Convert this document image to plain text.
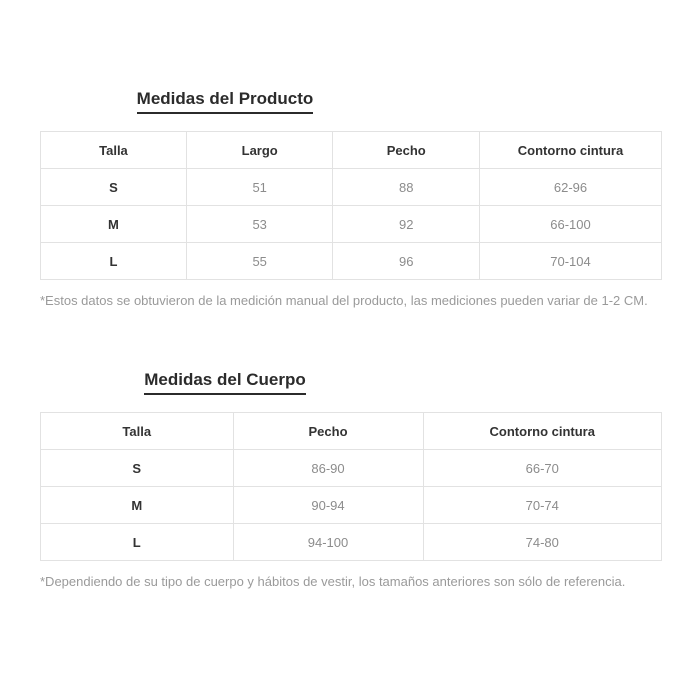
Medidas del Producto
Talla	Largo	Pecho	Contorno cintura
S	51	88	62-96
M	53	92	66-100
L	55	96	70-104

*Estos datos se obtuvieron de la medición manual del producto, las mediciones pueden variar de 1-2 CM.

Medidas del Cuerpo
Talla	Pecho	Contorno cintura
S	86-90	66-70
M	90-94	70-74
L	94-100	74-80

*Dependiendo de su tipo de cuerpo y hábitos de vestir, los tamaños anteriores son sólo de referencia.
